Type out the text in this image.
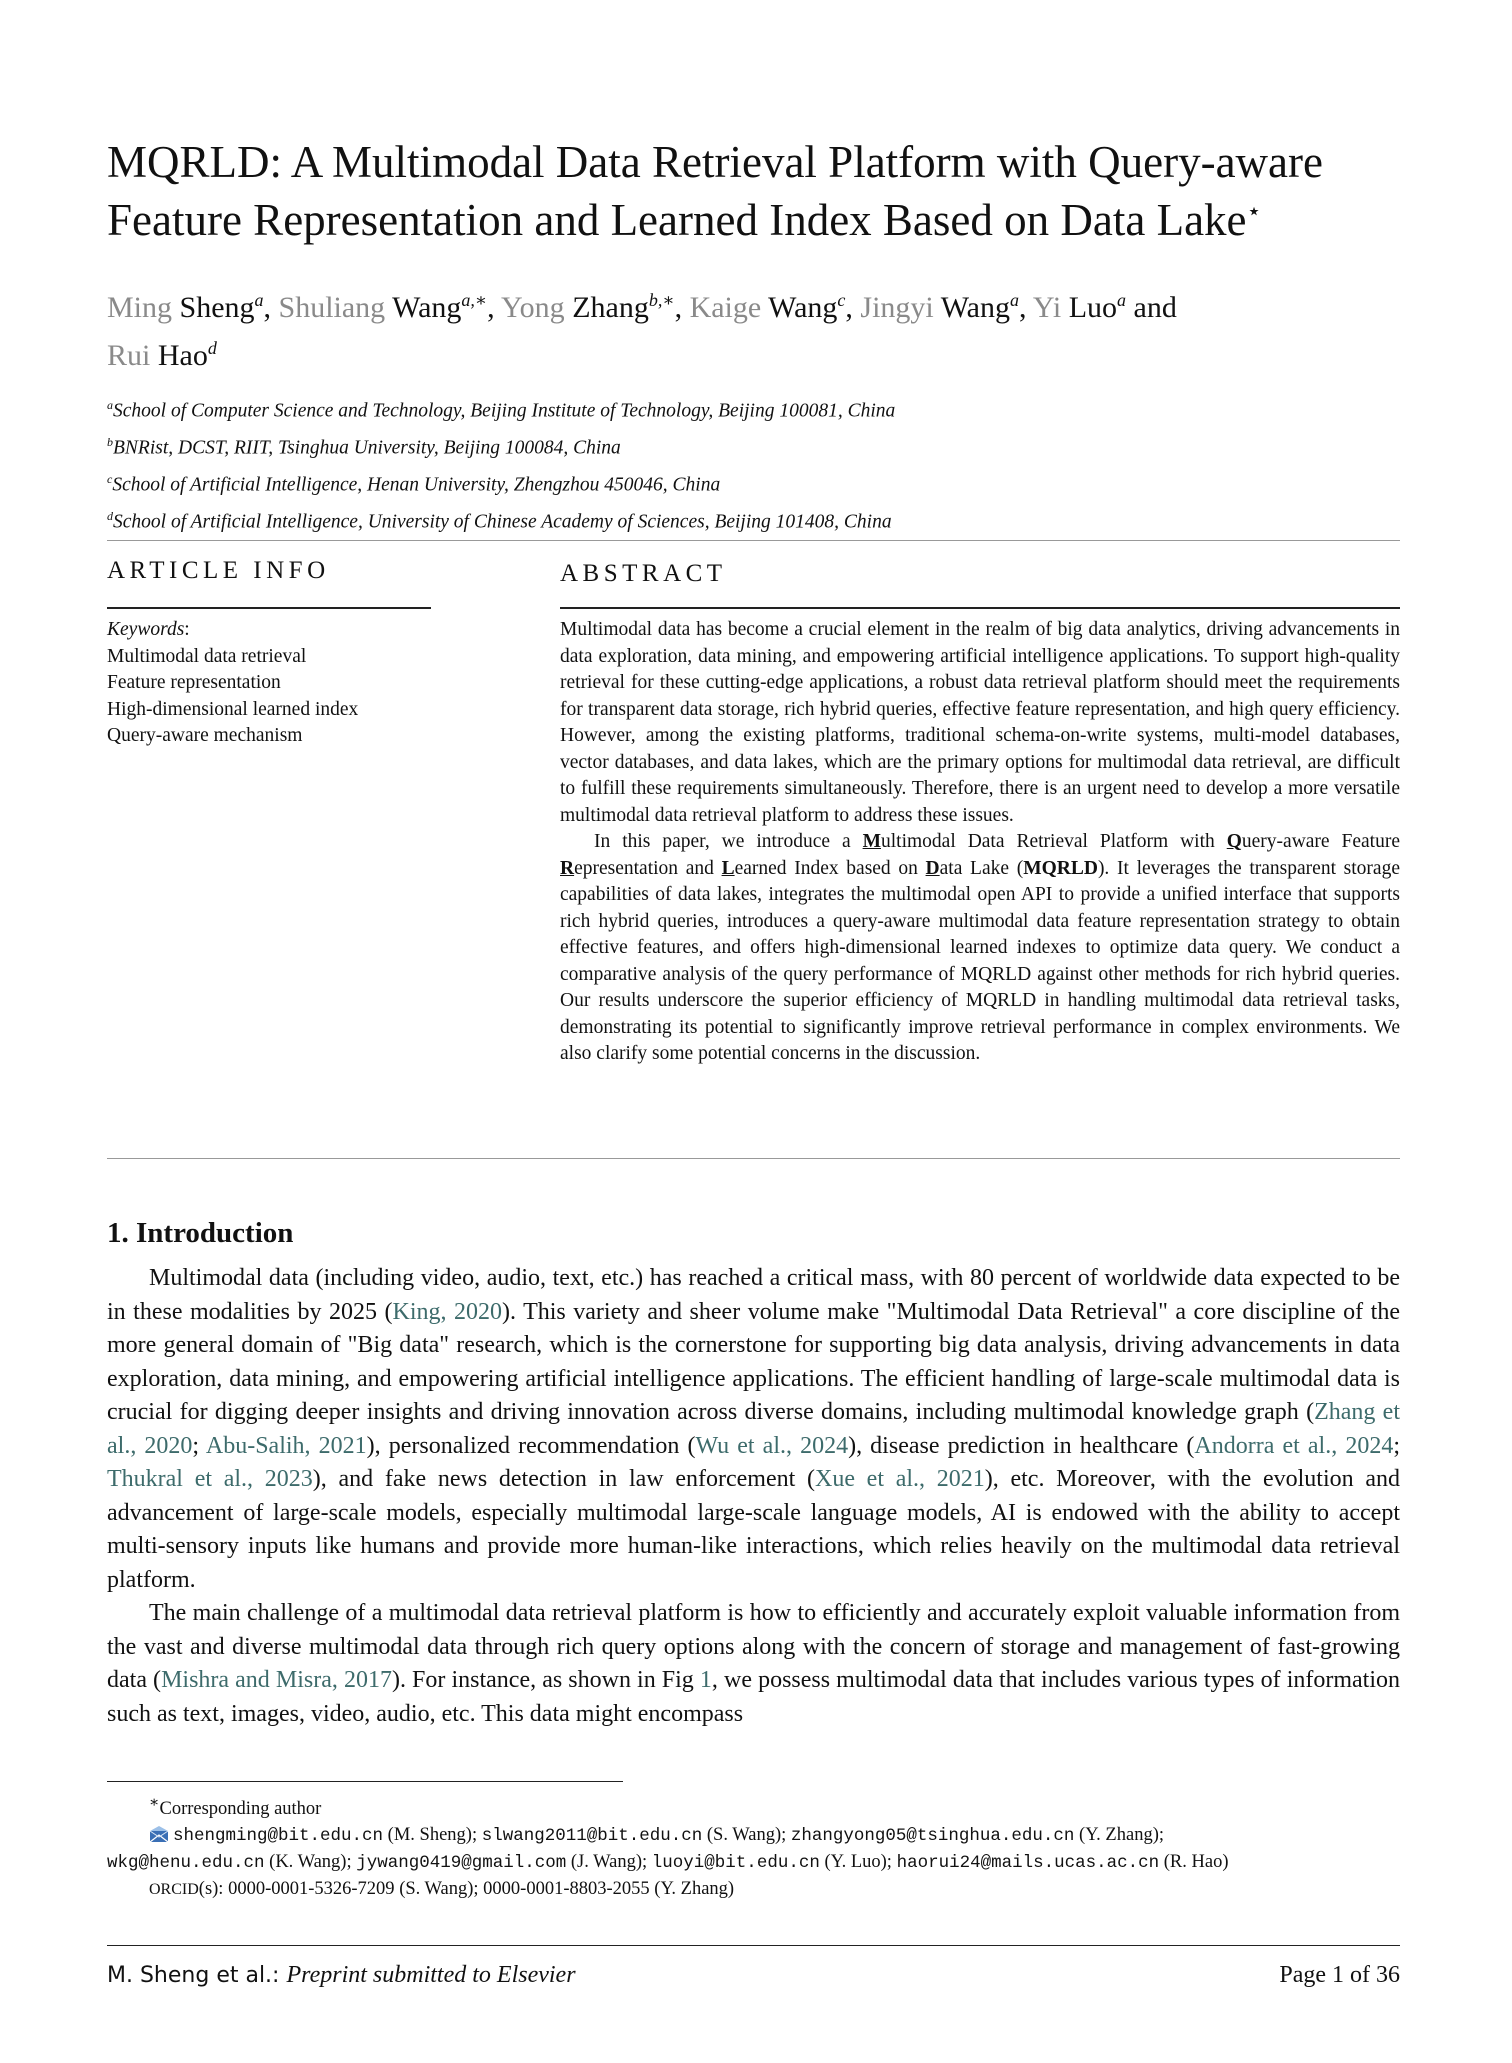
MQRLD: A Multimodal Data Retrieval Platform with Query-aware
Feature Representation and Learned Index Based on Data Lake⋆
Ming Sheng$^a$, Shuliang Wang$^{a,∗}$, Yong Zhang$^{b,∗}$, Kaige Wang$^c$, Jingyi Wang$^a$, Yi Luo$^a$ and
Rui Hao$^d$
$^a$School of Computer Science and Technology, Beijing Institute of Technology, Beijing 100081, China
$^b$BNRist, DCST, RIIT, Tsinghua University, Beijing 100084, China
$^c$School of Artificial Intelligence, Henan University, Zhengzhou 450046, China
$^d$School of Artificial Intelligence, University of Chinese Academy of Sciences, Beijing 101408, China
ARTICLE INFO	ABSTRACT
Keywords:
Multimodal data retrieval
Feature representation
High-dimensional learned index
Query-aware mechanism

Multimodal data has become a crucial element in the realm of big data analytics, driving advancements in data exploration, data mining, and empowering artificial intelligence applications. To support high-quality retrieval for these cutting-edge applications, a robust data retrieval platform should meet the requirements for transparent data storage, rich hybrid queries, effective feature representation, and high query efficiency. However, among the existing platforms, traditional schema-on-write systems, multi-model databases, vector databases, and data lakes, which are the primary options for multimodal data retrieval, are difficult to fulfill these requirements simultaneously. Therefore, there is an urgent need to develop a more versatile multimodal data retrieval platform to address these issues.

In this paper, we introduce a Multimodal Data Retrieval Platform with Query-aware Feature Representation and Learned Index based on Data Lake (MQRLD). It leverages the transparent storage capabilities of data lakes, integrates the multimodal open API to provide a unified interface that supports rich hybrid queries, introduces a query-aware multimodal data feature representation strategy to obtain effective features, and offers high-dimensional learned indexes to optimize data query. We conduct a comparative analysis of the query performance of MQRLD against other methods for rich hybrid queries. Our results underscore the superior efficiency of MQRLD in handling multimodal data retrieval tasks, demonstrating its potential to significantly improve retrieval performance in complex environments. We also clarify some potential concerns in the discussion.

1. Introduction

Multimodal data (including video, audio, text, etc.) has reached a critical mass, with 80 percent of worldwide data expected to be in these modalities by 2025 (King, 2020). This variety and sheer volume make "Multimodal Data Retrieval" a core discipline of the more general domain of "Big data" research, which is the cornerstone for supporting big data analysis, driving advancements in data exploration, data mining, and empowering artificial intelligence applications. The efficient handling of large-scale multimodal data is crucial for digging deeper insights and driving innovation across diverse domains, including multimodal knowledge graph (Zhang et al., 2020; Abu-Salih, 2021), personalized recommendation (Wu et al., 2024), disease prediction in healthcare (Andorra et al., 2024; Thukral et al., 2023), and fake news detection in law enforcement (Xue et al., 2021), etc. Moreover, with the evolution and advancement of large-scale models, especially multimodal large-scale language models, AI is endowed with the ability to accept multi-sensory inputs like humans and provide more human-like interactions, which relies heavily on the multimodal data retrieval platform.

The main challenge of a multimodal data retrieval platform is how to efficiently and accurately exploit valuable information from the vast and diverse multimodal data through rich query options along with the concern of storage and management of fast-growing data (Mishra and Misra, 2017). For instance, as shown in Fig 1, we possess multimodal data that includes various types of information such as text, images, video, audio, etc. This data might encompass

∗Corresponding author
shengming@bit.edu.cn (M. Sheng); slwang2011@bit.edu.cn (S. Wang); zhangyong05@tsinghua.edu.cn (Y. Zhang);
wkg@henu.edu.cn (K. Wang); jywang0419@gmail.com (J. Wang); luoyi@bit.edu.cn (Y. Luo); haorui24@mails.ucas.ac.cn (R. Hao)
ORCID(s): 0000-0001-5326-7209 (S. Wang); 0000-0001-8803-2055 (Y. Zhang)
M. Sheng et al.: Preprint submitted to Elsevier	Page 1 of 36
